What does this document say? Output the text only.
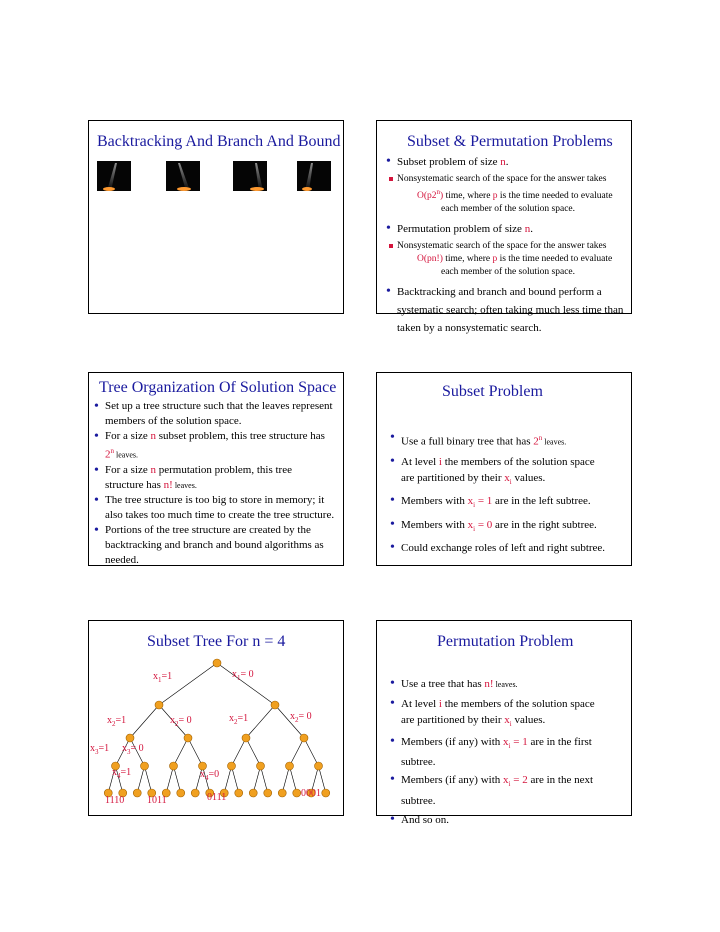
Backtracking And Branch And Bound	Subset & Permutation Problems
• Subset problem of size n.
Nonsystematic search of the space for the answer takes
O(p2$^n$) time, where p is the time needed to evaluate
each member of the solution space.
• Permutation problem of size n.
Nonsystematic search of the space for the answer takes
O(pn!) time, where p is the time needed to evaluate
each member of the solution space.
• Backtracking and branch and bound perform a systematic search; often taking much less time than taken by a nonsystematic search.
Tree Organization Of Solution Space
• Set up a tree structure such that the leaves represent members of the solution space.
• For a size n subset problem, this tree structure has
2$^n$ leaves.
• For a size n permutation problem, this tree
structure has n! leaves.
• The tree structure is too big to store in memory; it also takes too much time to create the tree structure.
• Portions of the tree structure are created by the backtracking and branch and bound algorithms as needed.
Subset Problem
• Use a full binary tree that has 2$^n$ leaves.
• At level i the members of the solution space
are partitioned by their $x_i$ values.
• Members with $x_i = 1$ are in the left subtree.
• Members with $x_i = 0$ are in the right subtree.
• Could exchange roles of left and right subtree.
Subset Tree For n = 4
$x_1=1$	$x_1= 0$
$x_2=1$	$x_2= 0$	$x_2=1$	$x_2= 0$
$x_3=1$ $x_3= 0$
$x_4=1$	$x_4=0$
1110 1011	0111	0001
Permutation Problem
• Use a tree that has n! leaves.
• At level i the members of the solution space
are partitioned by their $x_i$ values.
• Members (if any) with $x_i = 1$ are in the first
subtree.
• Members (if any) with $x_i = 2$ are in the next
subtree.
• And so on.
